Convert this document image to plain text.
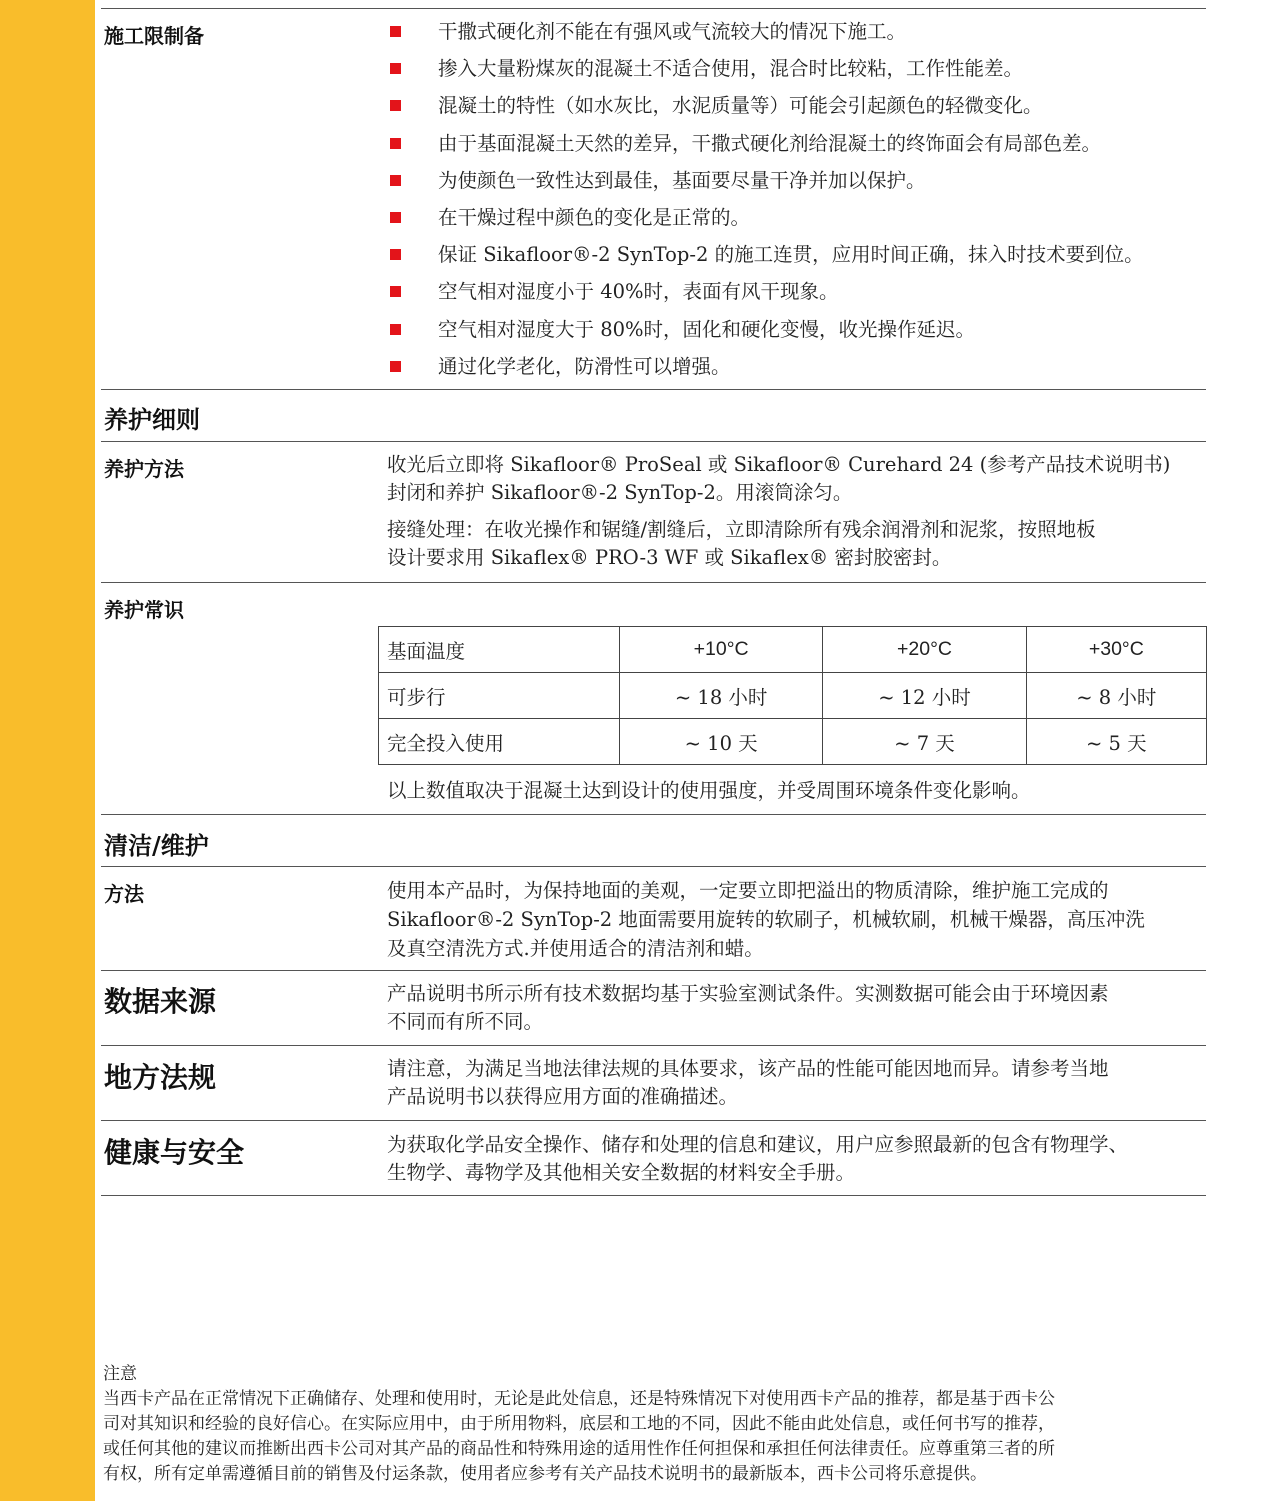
施工限制备	干撒式硬化剂不能在有强风或气流较大的情况下施工。
掺入大量粉煤灰的混凝土不适合使用，混合时比较粘，工作性能差。
混凝土的特性（如水灰比，水泥质量等）可能会引起颜色的轻微变化。
由于基面混凝土天然的差异，干撒式硬化剂给混凝土的终饰面会有局部色差。
为使颜色一致性达到最佳，基面要尽量干净并加以保护。
在干燥过程中颜色的变化是正常的。
保证 Sikafloor®-2 SynTop-2 的施工连贯，应用时间正确，抹入时技术要到位。
空气相对湿度小于 40%时，表面有风干现象。
空气相对湿度大于 80%时，固化和硬化变慢，收光操作延迟。
通过化学老化，防滑性可以增强。
养护细则
养护方法	收光后立即将 Sikafloor® ProSeal 或 Sikafloor® Curehard 24 (参考产品技术说明书)
封闭和养护 Sikafloor®-2 SynTop-2。用滚筒涂匀。
接缝处理：在收光操作和锯缝/割缝后，立即清除所有残余润滑剂和泥浆，按照地板
设计要求用 Sikaflex® PRO-3 WF 或 Sikaflex® 密封胶密封。
养护常识
基面温度	+10°C	+20°C	+30°C
可步行	~ 18 小时	~ 12 小时	~ 8 小时
完全投入使用	~ 10 天	~ 7 天	~ 5 天
以上数值取决于混凝土达到设计的使用强度，并受周围环境条件变化影响。
清洁/维护
方法	使用本产品时，为保持地面的美观，一定要立即把溢出的物质清除，维护施工完成的
Sikafloor®-2 SynTop-2 地面需要用旋转的软刷子，机械软刷，机械干燥器，高压冲洗
及真空清洗方式.并使用适合的清洁剂和蜡。
数据来源	产品说明书所示所有技术数据均基于实验室测试条件。实测数据可能会由于环境因素
不同而有所不同。
地方法规	请注意，为满足当地法律法规的具体要求，该产品的性能可能因地而异。请参考当地
产品说明书以获得应用方面的准确描述。
健康与安全	为获取化学品安全操作、储存和处理的信息和建议，用户应参照最新的包含有物理学、
生物学、毒物学及其他相关安全数据的材料安全手册。
注意
当西卡产品在正常情况下正确储存、处理和使用时，无论是此处信息，还是特殊情况下对使用西卡产品的推荐，都是基于西卡公
司对其知识和经验的良好信心。在实际应用中，由于所用物料，底层和工地的不同，因此不能由此处信息，或任何书写的推荐，
或任何其他的建议而推断出西卡公司对其产品的商品性和特殊用途的适用性作任何担保和承担任何法律责任。应尊重第三者的所
有权，所有定单需遵循目前的销售及付运条款，使用者应参考有关产品技术说明书的最新版本，西卡公司将乐意提供。
